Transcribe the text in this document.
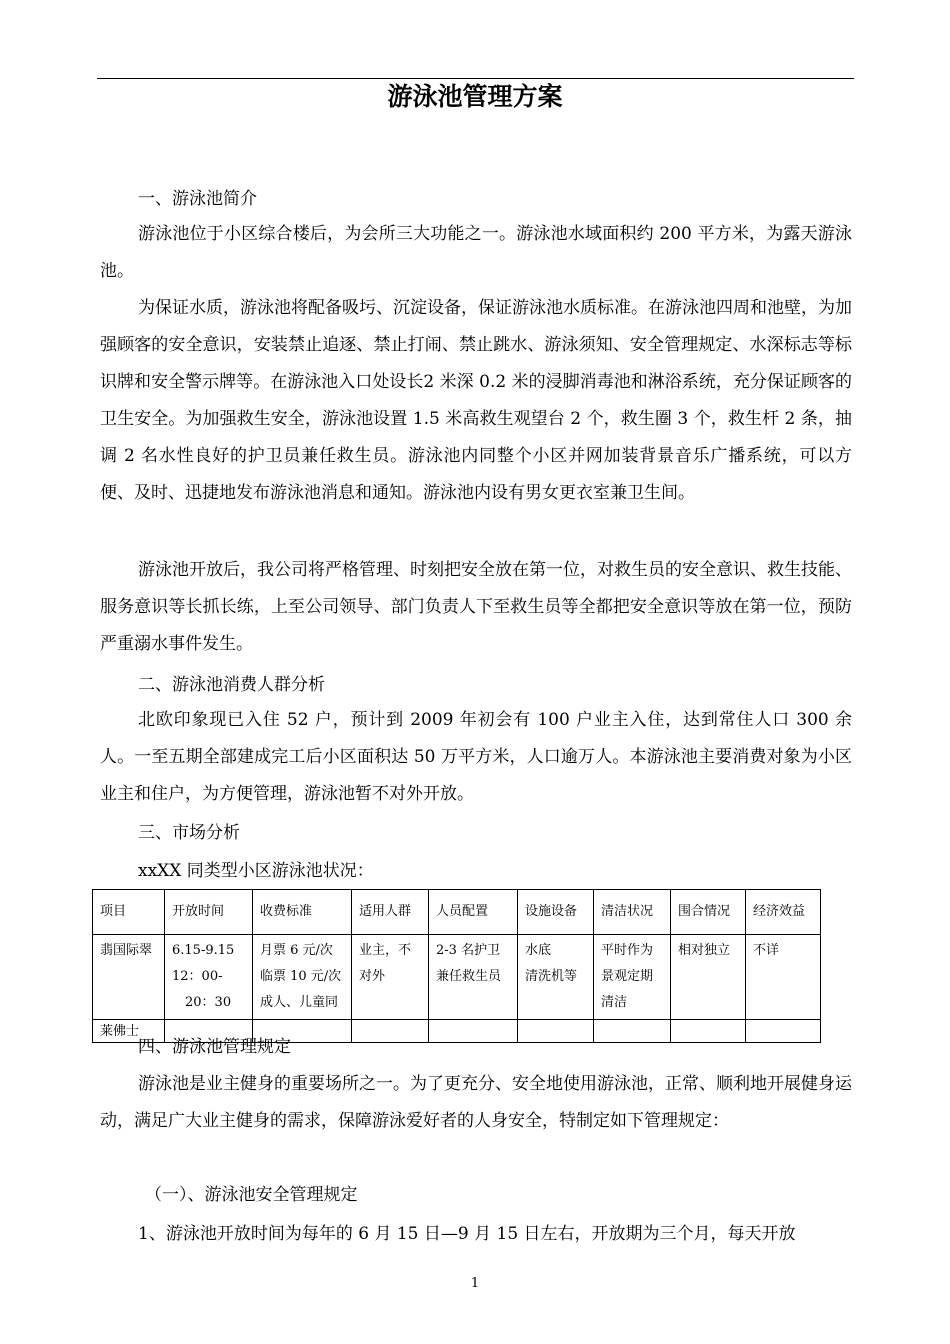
游泳池管理方案
一、游泳池简介
游泳池位于小区综合楼后，为会所三大功能之一。游泳池水域面积约 200 平方米，为露天游泳池。
为保证水质，游泳池将配备吸圬、沉淀设备，保证游泳池水质标准。在游泳池四周和池壁，为加强顾客的安全意识，安装禁止追逐、禁止打闹、禁止跳水、游泳须知、安全管理规定、水深标志等标识牌和安全警示牌等。在游泳池入口处设长2 米深 0.2 米的浸脚消毒池和淋浴系统，充分保证顾客的卫生安全。为加强救生安全，游泳池设置 1.5 米高救生观望台 2 个，救生圈 3 个，救生杆 2 条，抽调 2 名水性良好的护卫员兼任救生员。游泳池内同整个小区并网加装背景音乐广播系统，可以方便、及时、迅捷地发布游泳池消息和通知。游泳池内设有男女更衣室兼卫生间。
游泳池开放后，我公司将严格管理、时刻把安全放在第一位，对救生员的安全意识、救生技能、服务意识等长抓长练，上至公司领导、部门负责人下至救生员等全都把安全意识等放在第一位，预防严重溺水事件发生。
二、游泳池消费人群分析
北欧印象现已入住 52 户，预计到 2009 年初会有 100 户业主入住，达到常住人口 300 余人。一至五期全部建成完工后小区面积达 50 万平方米，人口逾万人。本游泳池主要消费对象为小区业主和住户，为方便管理，游泳池暂不对外开放。
三、市场分析
xxXX 同类型小区游泳池状况：
项目	开放时间	收费标准	适用人群	人员配置	设施设备	清洁状况	围合情况	经济效益
翡国际翠	6.15-9.15
12：00-
　20：30	月票 6 元/次
临票 10 元/次
成人、儿童同	业主，不
对外	2-3 名护卫
兼任救生员	水底
清洗机等	平时作为
景观定期
清洁	相对独立	不详
莱佛士								
四、游泳池管理规定
游泳池是业主健身的重要场所之一。为了更充分、安全地使用游泳池，正常、顺利地开展健身运动，满足广大业主健身的需求，保障游泳爱好者的人身安全，特制定如下管理规定：
（一）、游泳池安全管理规定
1、游泳池开放时间为每年的 6 月 15 日—9 月 15 日左右，开放期为三个月，每天开放
1
